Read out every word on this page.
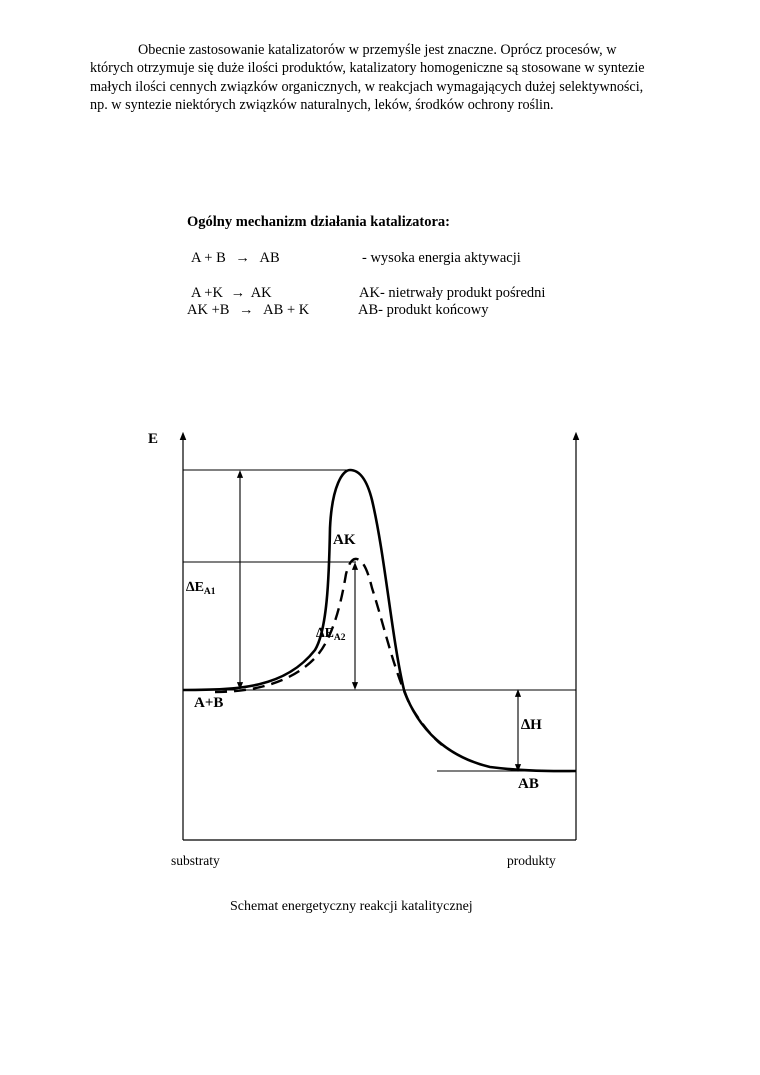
Obecnie zastosowanie katalizatorów w przemyśle jest znaczne. Oprócz procesów, w
których otrzymuje się duże ilości produktów, katalizatory homogeniczne są stosowane w syntezie
małych ilości cennych związków organicznych, w reakcjach wymagających dużej selektywności,
np. w syntezie niektórych związków naturalnych, leków, środków ochrony roślin.
Ogólny mechanizm działania katalizatora:
A + B → AB	- wysoka energia aktywacji
A +K → AK	AK- nietrwały produkt pośredni
AK +B → AB + K	AB- produkt końcowy
E
AK
$\Delta E_{A1}$
$\Delta E_{A2}$
A+B
∆H
AB
substraty	produkty
Schemat energetyczny reakcji katalitycznej
